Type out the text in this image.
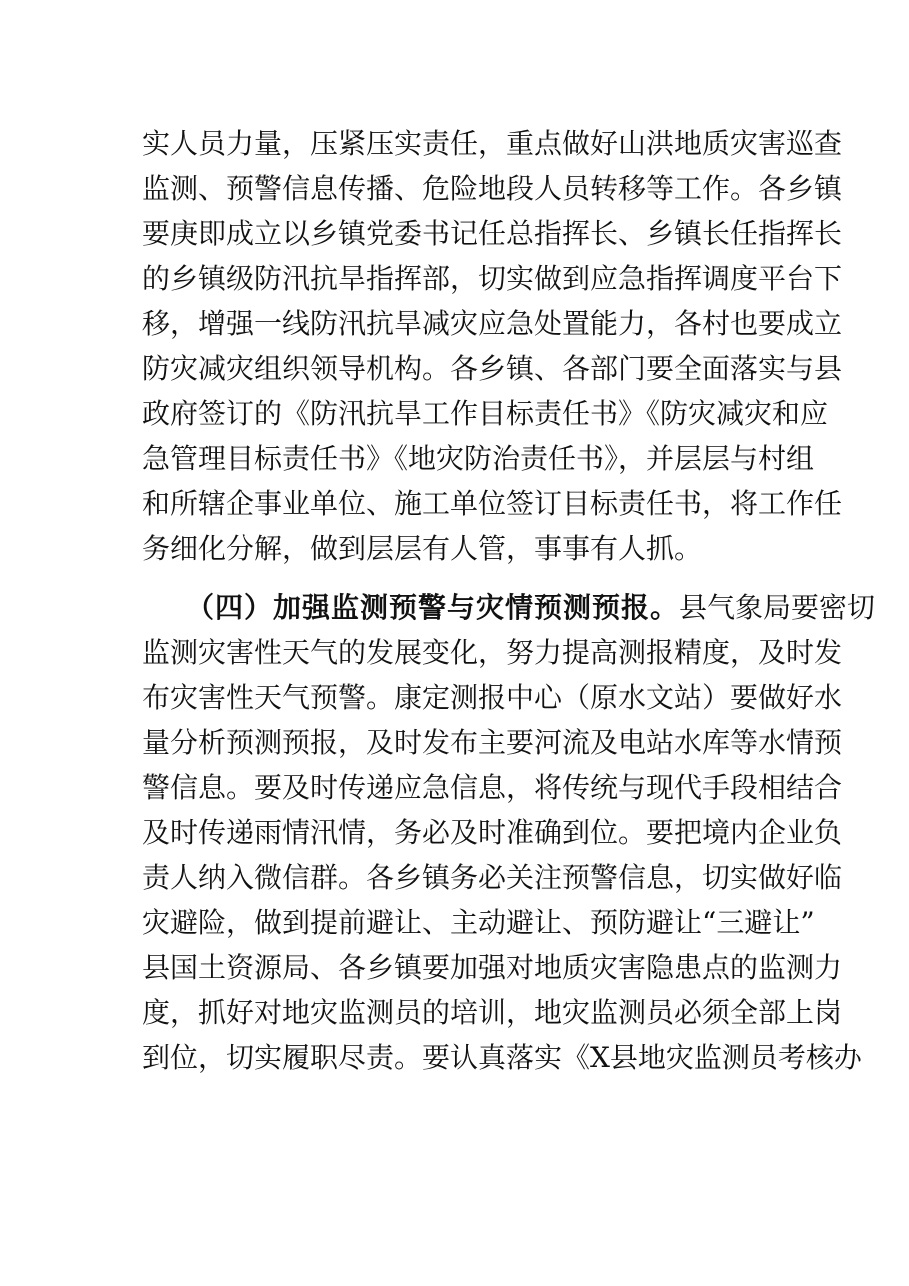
实人员力量，压紧压实责任，重点做好山洪地质灾害巡查
监测、预警信息传播、危险地段人员转移等工作。各乡镇
要庚即成立以乡镇党委书记任总指挥长、乡镇长任指挥长
的乡镇级防汛抗旱指挥部，切实做到应急指挥调度平台下
移，增强一线防汛抗旱减灾应急处置能力，各村也要成立
防灾减灾组织领导机构。各乡镇、各部门要全面落实与县
政府签订的《防汛抗旱工作目标责任书》《防灾减灾和应
急管理目标责任书》《地灾防治责任书》，并层层与村组
和所辖企事业单位、施工单位签订目标责任书，将工作任
务细化分解，做到层层有人管，事事有人抓。
（四）加强监测预警与灾情预测预报。县气象局要密切
监测灾害性天气的发展变化，努力提高测报精度，及时发
布灾害性天气预警。康定测报中心（原水文站）要做好水
量分析预测预报，及时发布主要河流及电站水库等水情预
警信息。要及时传递应急信息，将传统与现代手段相结合
及时传递雨情汛情，务必及时准确到位。要把境内企业负
责人纳入微信群。各乡镇务必关注预警信息，切实做好临
灾避险，做到提前避让、主动避让、预防避让“三避让”
县国土资源局、各乡镇要加强对地质灾害隐患点的监测力
度，抓好对地灾监测员的培训，地灾监测员必须全部上岗
到位，切实履职尽责。要认真落实《X县地灾监测员考核办
